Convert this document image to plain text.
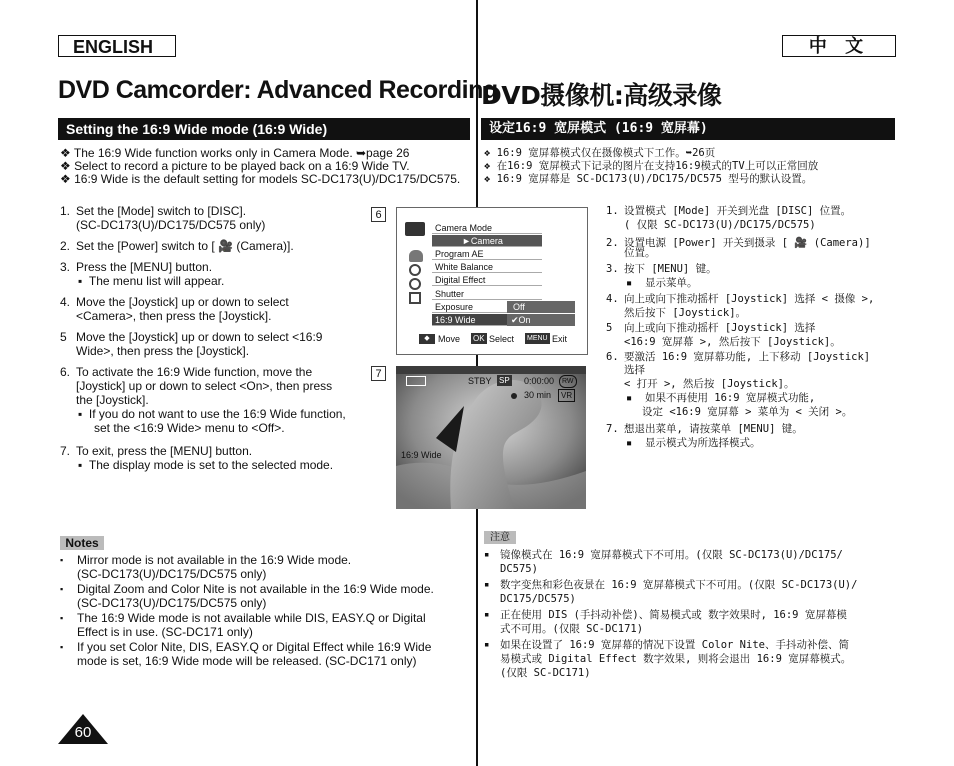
ENGLISH	中 文
DVD Camcorder: Advanced Recording
DVD摄像机:高级录像
Setting the 16:9 Wide mode (16:9 Wide)	设定16:9 宽屏模式 (16:9 宽屏幕)
❖ The 16:9 Wide function works only in Camera Mode. ➥page 26
❖ Select to record a picture to be played back on a 16:9 Wide TV.
❖ 16:9 Wide is the default setting for models SC-DC173(U)/DC175/DC575.
❖ 16:9 宽屏幕模式仅在摄像模式下工作。➥26页
❖ 在16:9 宽屏模式下记录的图片在支持16:9模式的TV上可以正常回放
❖ 16:9 宽屏幕是 SC-DC173(U)/DC175/DC575 型号的默认设置。
1. Set the [Mode] switch to [DISC].
(SC-DC173(U)/DC175/DC575 only)
2. Set the [Power] switch to [ 🎥 (Camera)].
3. Press the [MENU] button.
▪  The menu list will appear.
4. Move the [Joystick] up or down to select
<Camera>, then press the [Joystick].
5 Move the [Joystick] up or down to select <16:9
Wide>, then press the [Joystick].
6. To activate the 16:9 Wide function, move the
[Joystick] up or down to select <On>, then press
the [Joystick].
▪  If you do not want to use the 16:9 Wide function,
set the <16:9 Wide> menu to <Off>.
7. To exit, press the [MENU] button.
▪  The display mode is set to the selected mode.
6
7
Camera Mode
►Camera
Program AE
White Balance
Digital Effect
Shutter
Exposure
16:9 Wide
Off
✔On
◆ Move OK Select MENU Exit
STBY SP 0:00:00	RW
30 min	VR
16:9 Wide
1. 设置模式 [Mode] 开关到光盘 [DISC] 位置。
( 仅限 SC-DC173(U)/DC175/DC575)
2. 设置电源 [Power] 开关到摄录 [ 🎥 (Camera)]
位置。
3. 按下 [MENU] 键。
▪  显示菜单。
4. 向上或向下推动摇杆 [Joystick] 选择 < 摄像 >,
然后按下 [Joystick]。
5 向上或向下推动摇杆 [Joystick] 选择
<16:9 宽屏幕 >, 然后按下 [Joystick]。
6. 要激活 16:9 宽屏幕功能, 上下移动 [Joystick]
选择
< 打开 >, 然后按 [Joystick]。
▪  如果不再使用 16:9 宽屏模式功能,
设定 <16:9 宽屏幕 > 菜单为 < 关闭 >。
7. 想退出菜单, 请按菜单 [MENU] 键。
▪  显示模式为所选择模式。
Notes
▪ Mirror mode is not available in the 16:9 Wide mode.
(SC-DC173(U)/DC175/DC575 only)
▪ Digital Zoom and Color Nite is not available in the 16:9 Wide mode.
(SC-DC173(U)/DC175/DC575 only)
▪ The 16:9 Wide mode is not available while DIS, EASY.Q or Digital
Effect is in use. (SC-DC171 only)
▪ If you set Color Nite, DIS, EASY.Q or Digital Effect while 16:9 Wide
mode is set, 16:9 Wide mode will be released. (SC-DC171 only)
注意
▪ 镜像模式在 16:9 宽屏幕模式下不可用。(仅限 SC-DC173(U)/DC175/
DC575)
▪ 数字变焦和彩色夜景在 16:9 宽屏幕模式下不可用。(仅限 SC-DC173(U)/
DC175/DC575)
▪ 正在使用 DIS (手抖动补偿)、简易模式或 数字效果时, 16:9 宽屏幕模
式不可用。(仅限 SC-DC171)
▪ 如果在设置了 16:9 宽屏幕的情况下设置 Color Nite、手抖动补偿、简
易模式或 Digital Effect 数字效果, 则将会退出 16:9 宽屏幕模式。
(仅限 SC-DC171)
60
